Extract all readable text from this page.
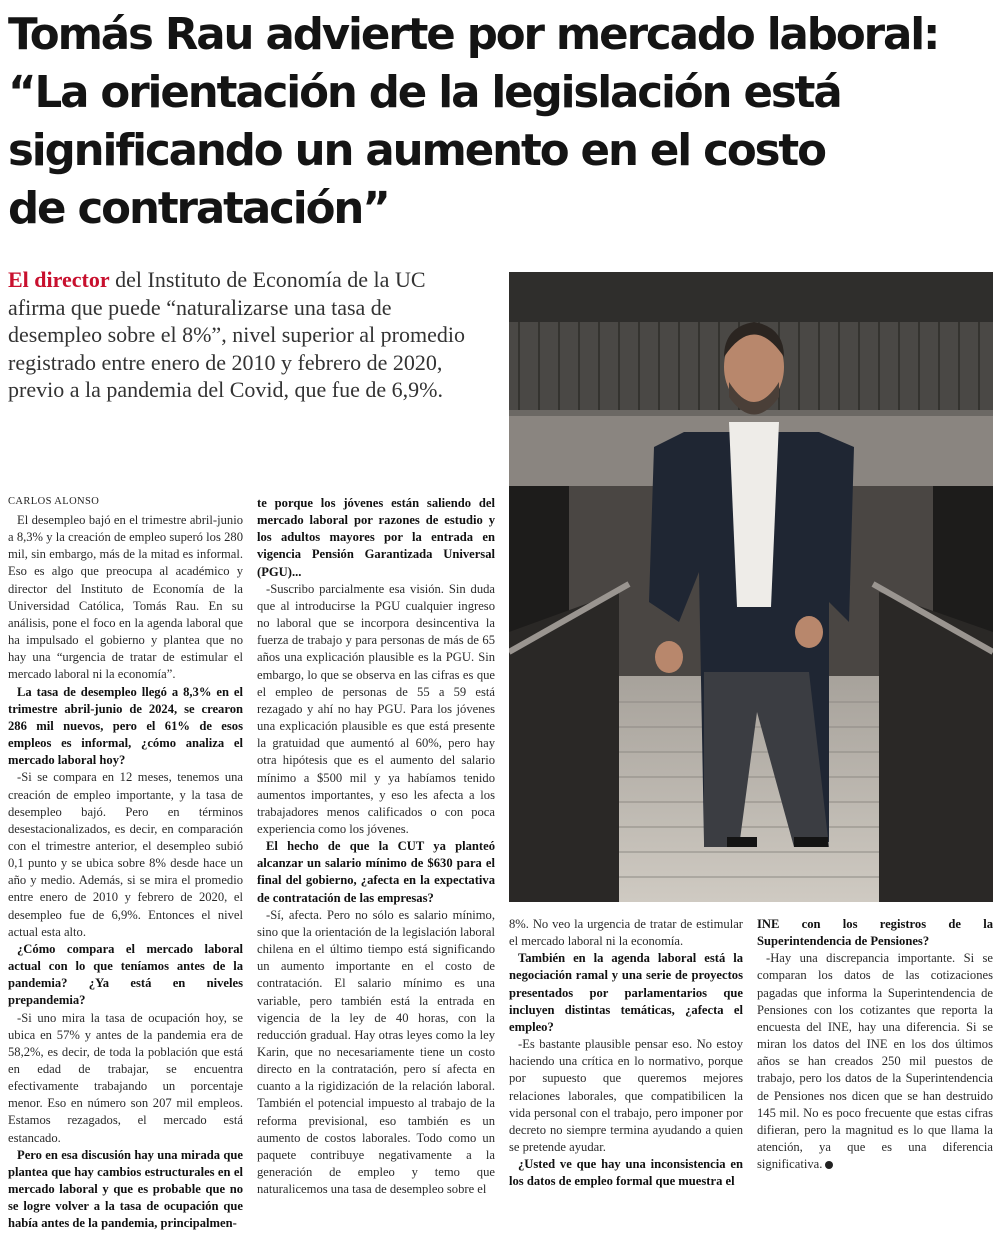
Tomás Rau advierte por mercado laboral:
“La orientación de la legislación está
significando un aumento en el costo
de contratación”
El director del Instituto de Economía de la UC
afirma que puede “naturalizarse una tasa de
desempleo sobre el 8%”, nivel superior al promedio
registrado entre enero de 2010 y febrero de 2020,
previo a la pandemia del Covid, que fue de 6,9%.
CARLOS ALONSO

El desempleo bajó en el trimestre abril-junio a 8,3% y la creación de empleo superó los 280 mil, sin embargo, más de la mitad es informal. Eso es algo que preocupa al académico y director del Instituto de Economía de la Universidad Católica, Tomás Rau. En su análisis, pone el foco en la agenda laboral que ha impulsado el gobierno y plantea que no hay una “urgencia de tratar de estimular el mercado laboral ni la economía”.

La tasa de desempleo llegó a 8,3% en el trimestre abril-junio de 2024, se crearon 286 mil nuevos, pero el 61% de esos empleos es informal, ¿cómo analiza el mercado laboral hoy?

-Si se compara en 12 meses, tenemos una creación de empleo importante, y la tasa de desempleo bajó. Pero en términos desestacionalizados, es decir, en comparación con el trimestre anterior, el desempleo subió 0,1 punto y se ubica sobre 8% desde hace un año y medio. Además, si se mira el promedio entre enero de 2010 y febrero de 2020, el desempleo fue de 6,9%. Entonces el nivel actual esta alto.

¿Cómo compara el mercado laboral actual con lo que teníamos antes de la pandemia? ¿Ya está en niveles prepandemia?

-Si uno mira la tasa de ocupación hoy, se ubica en 57% y antes de la pandemia era de 58,2%, es decir, de toda la población que está en edad de trabajar, se encuentra efectivamente trabajando un porcentaje menor. Eso en número son 207 mil empleos. Estamos rezagados, el mercado está estancado.

Pero en esa discusión hay una mirada que plantea que hay cambios estructurales en el mercado laboral y que es probable que no se logre volver a la tasa de ocupación que había antes de la pandemia, principalmen-

te porque los jóvenes están saliendo del mercado laboral por razones de estudio y los adultos mayores por la entrada en vigencia Pensión Garantizada Universal (PGU)...

-Suscribo parcialmente esa visión. Sin duda que al introducirse la PGU cualquier ingreso no laboral que se incorpora desincentiva la fuerza de trabajo y para personas de más de 65 años una explicación plausible es la PGU. Sin embargo, lo que se observa en las cifras es que el empleo de personas de 55 a 59 está rezagado y ahí no hay PGU. Para los jóvenes una explicación plausible es que está presente la gratuidad que aumentó al 60%, pero hay otra hipótesis que es el aumento del salario mínimo a $500 mil y ya habíamos tenido aumentos importantes, y eso les afecta a los trabajadores menos calificados o con poca experiencia como los jóvenes.

El hecho de que la CUT ya planteó alcanzar un salario mínimo de $630 para el final del gobierno, ¿afecta en la expectativa de contratación de las empresas?

-Sí, afecta. Pero no sólo es salario mínimo, sino que la orientación de la legislación laboral chilena en el último tiempo está significando un aumento importante en el costo de contratación. El salario mínimo es una variable, pero también está la entrada en vigencia de la ley de 40 horas, con la reducción gradual. Hay otras leyes como la ley Karin, que no necesariamente tiene un costo directo en la contratación, pero sí afecta en cuanto a la rigidización de la relación laboral. También el potencial impuesto al trabajo de la reforma previsional, eso también es un aumento de costos laborales. Todo como un paquete contribuye negativamente a la generación de empleo y temo que naturalicemos una tasa de desempleo sobre el

8%. No veo la urgencia de tratar de estimular el mercado laboral ni la economía.

También en la agenda laboral está la negociación ramal y una serie de proyectos presentados por parlamentarios que incluyen distintas temáticas, ¿afecta el empleo?

-Es bastante plausible pensar eso. No estoy haciendo una crítica en lo normativo, porque por supuesto que queremos mejores relaciones laborales, que compatibilicen la vida personal con el trabajo, pero imponer por decreto no siempre termina ayudando a quien se pretende ayudar.

¿Usted ve que hay una inconsistencia en los datos de empleo formal que muestra el

INE con los registros de la Superintendencia de Pensiones?

-Hay una discrepancia importante. Si se comparan los datos de las cotizaciones pagadas que informa la Superintendencia de Pensiones con los cotizantes que reporta la encuesta del INE, hay una diferencia. Si se miran los datos del INE en los dos últimos años se han creados 250 mil puestos de trabajo, pero los datos de la Superintendencia de Pensiones nos dicen que se han destruido 145 mil. No es poco frecuente que estas cifras difieran, pero la magnitud es lo que llama la atención, ya que es una diferencia significativa.
